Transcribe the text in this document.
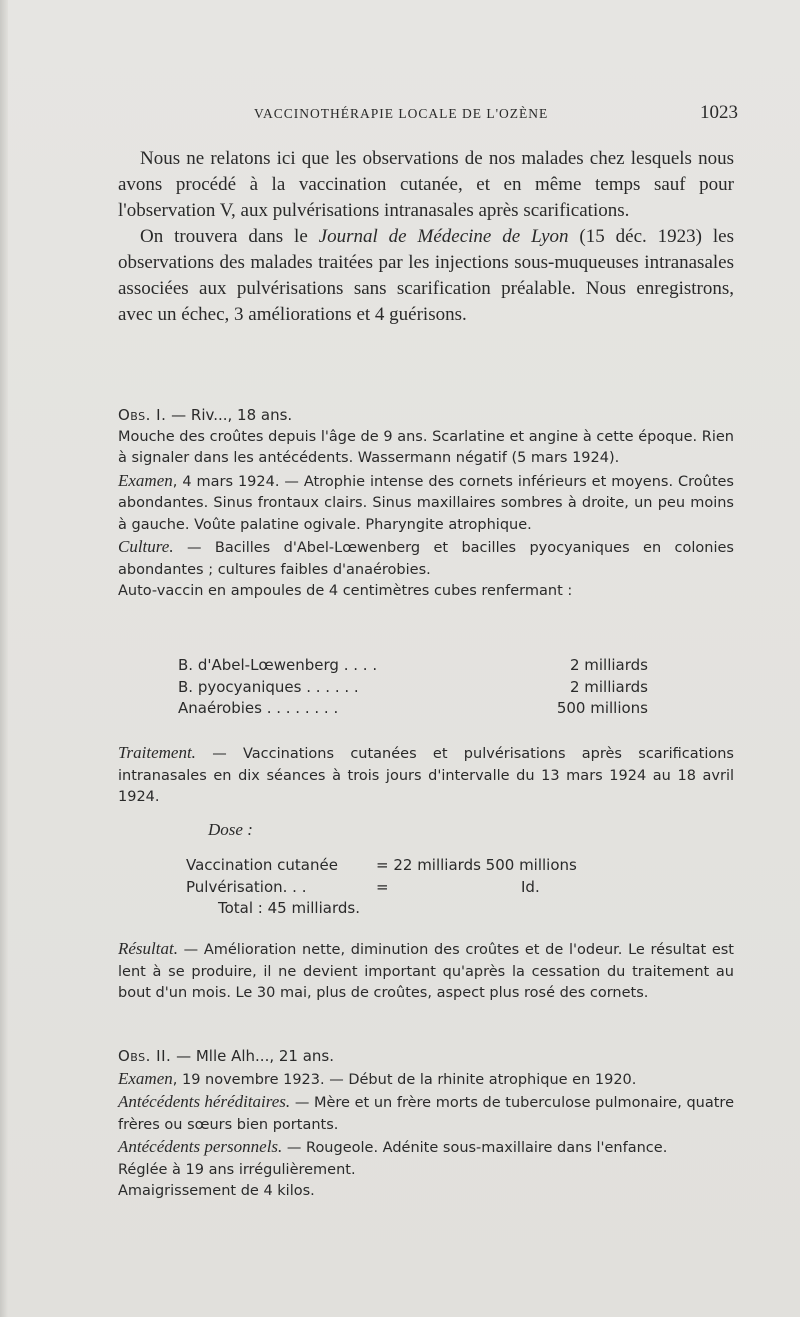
VACCINOTHÉRAPIE LOCALE DE L'OZÈNE	1023

Nous ne relatons ici que les observations de nos malades chez lesquels nous avons procédé à la vaccination cutanée, et en même temps sauf pour l'observation V, aux pulvérisations intranasales après scarifications.

On trouvera dans le Journal de Médecine de Lyon (15 déc. 1923) les observations des malades traitées par les injections sous-muqueuses intranasales associées aux pulvérisations sans scarification préalable. Nous enregistrons, avec un échec, 3 améliorations et 4 guérisons.

Obs. I. — Riv..., 18 ans.

Mouche des croûtes depuis l'âge de 9 ans. Scarlatine et angine à cette époque. Rien à signaler dans les antécédents. Wassermann négatif (5 mars 1924).

Examen, 4 mars 1924. — Atrophie intense des cornets inférieurs et moyens. Croûtes abondantes. Sinus frontaux clairs. Sinus maxillaires sombres à droite, un peu moins à gauche. Voûte palatine ogivale. Pharyngite atrophique.

Culture. — Bacilles d'Abel-Lœwenberg et bacilles pyocyaniques en colonies abondantes ; cultures faibles d'anaérobies.

Auto-vaccin en ampoules de 4 centimètres cubes renfermant :

B. d'Abel-Lœwenberg . . . .	2 milliards
B. pyocyaniques . . . . . .	2 milliards
Anaérobies . . . . . . . .	500 millions

Traitement. — Vaccinations cutanées et pulvérisations après scarifications intranasales en dix séances à trois jours d'intervalle du 13 mars 1924 au 18 avril 1924.

Dose :
Vaccination cutanée	= 22 milliards 500 millions
Pulvérisation. . .	=	Id.
Total : 45 milliards.

Résultat. — Amélioration nette, diminution des croûtes et de l'odeur. Le résultat est lent à se produire, il ne devient important qu'après la cessation du traitement au bout d'un mois. Le 30 mai, plus de croûtes, aspect plus rosé des cornets.

Obs. II. — Mlle Alh..., 21 ans.

Examen, 19 novembre 1923. — Début de la rhinite atrophique en 1920.

Antécédents héréditaires. — Mère et un frère morts de tuberculose pulmonaire, quatre frères ou sœurs bien portants.

Antécédents personnels. — Rougeole. Adénite sous-maxillaire dans l'enfance.

Réglée à 19 ans irrégulièrement.

Amaigrissement de 4 kilos.
